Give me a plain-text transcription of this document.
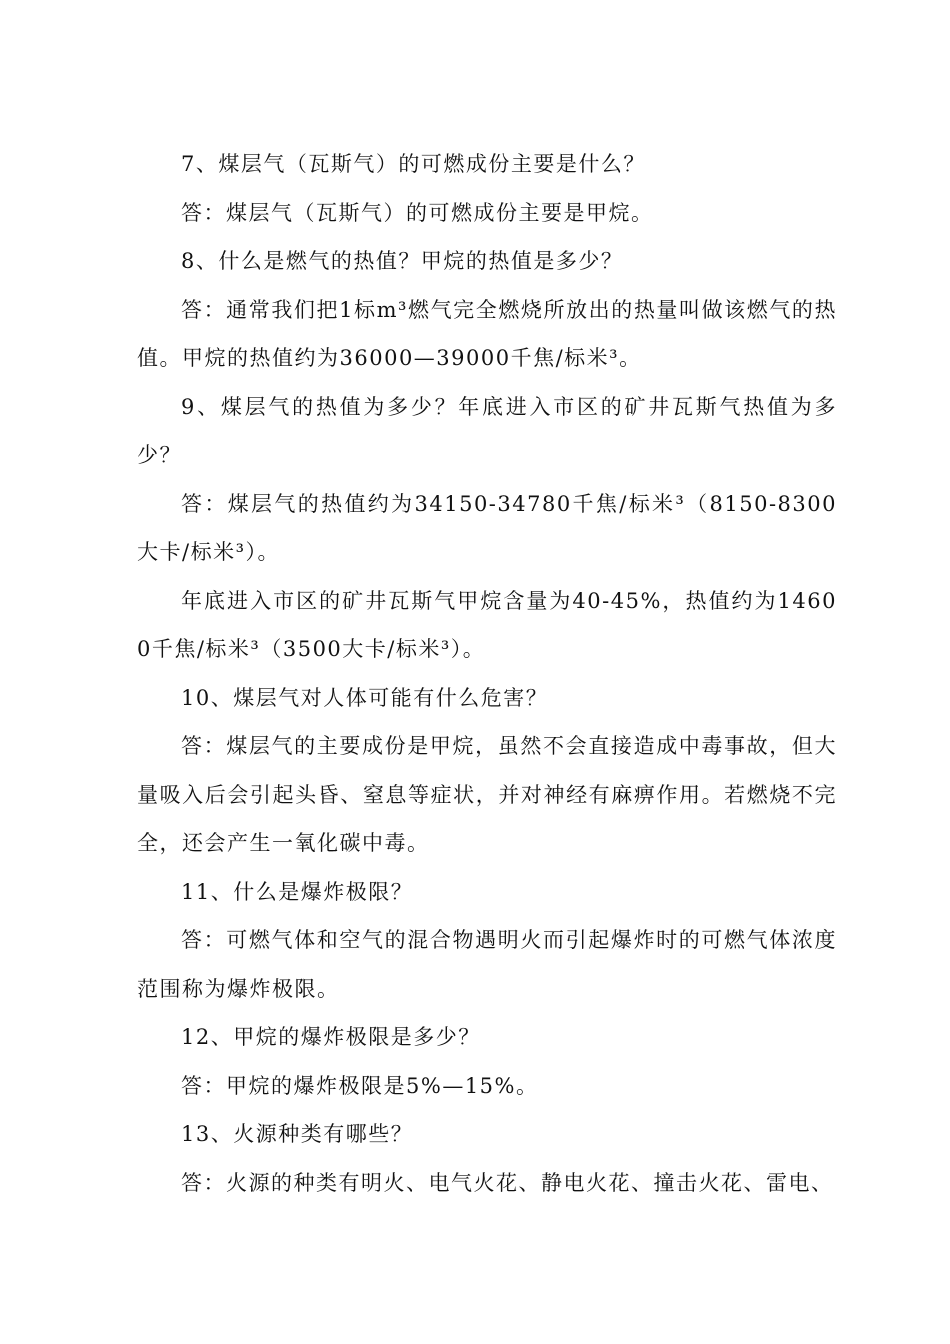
7、煤层气（瓦斯气）的可燃成份主要是什么？

答：煤层气（瓦斯气）的可燃成份主要是甲烷。

8、什么是燃气的热值？甲烷的热值是多少？

答：通常我们把1标m³燃气完全燃烧所放出的热量叫做该燃气的热值。甲烷的热值约为36000—39000千焦/标米³。

9、煤层气的热值为多少？年底进入市区的矿井瓦斯气热值为多少？

答：煤层气的热值约为34150-34780千焦/标米³（8150-8300大卡/标米³）。

年底进入市区的矿井瓦斯气甲烷含量为40-45%，热值约为14600千焦/标米³（3500大卡/标米³）。

10、煤层气对人体可能有什么危害？

答：煤层气的主要成份是甲烷，虽然不会直接造成中毒事故，但大量吸入后会引起头昏、窒息等症状，并对神经有麻痹作用。若燃烧不完全，还会产生一氧化碳中毒。

11、什么是爆炸极限？

答：可燃气体和空气的混合物遇明火而引起爆炸时的可燃气体浓度范围称为爆炸极限。

12、甲烷的爆炸极限是多少？

答：甲烷的爆炸极限是5%—15%。

13、火源种类有哪些？

答：火源的种类有明火、电气火花、静电火花、撞击火花、雷电、
